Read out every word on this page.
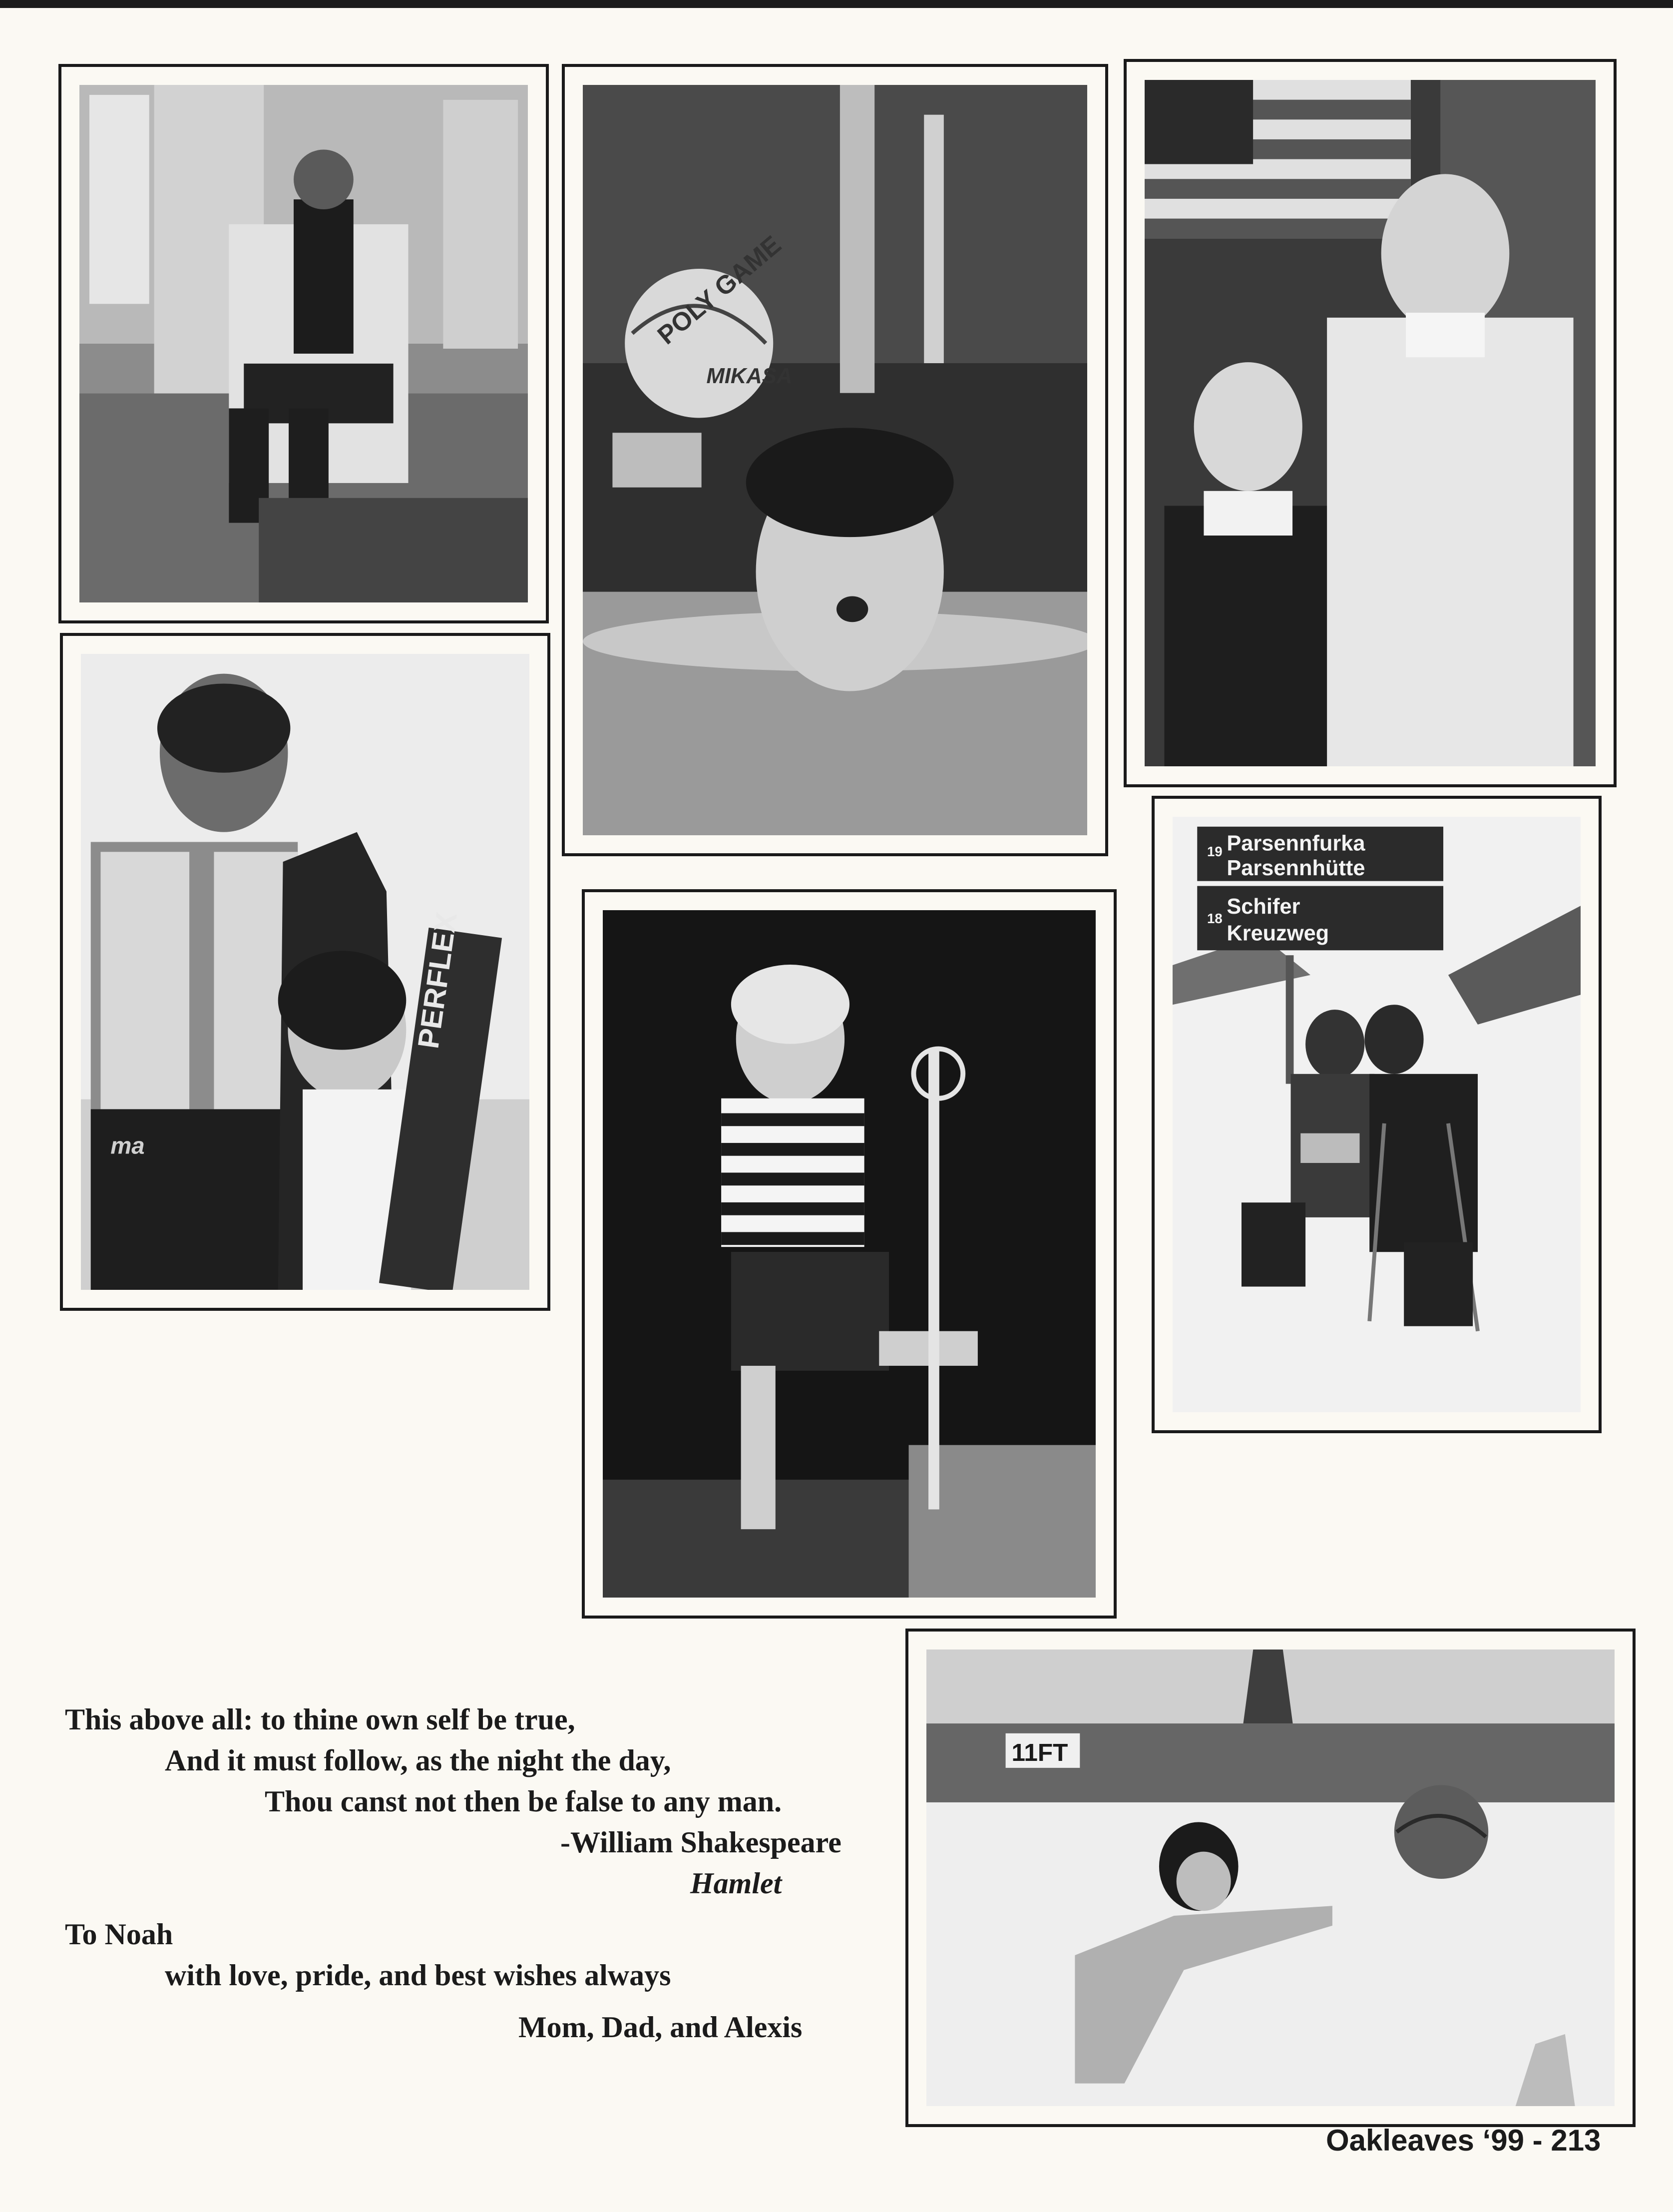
POLY GAME
MIKASA
ma
PERFLEX
19 Parsennfurka
Parsennhütte
18 Schifer
Kreuzweg
11FT
This above all: to thine own self be true,
And it must follow, as the night the day,
Thou canst not then be false to any man.
-William Shakespeare
Hamlet
To Noah
with love, pride, and best wishes always
Mom, Dad, and Alexis
Oakleaves ‘99 - 213
